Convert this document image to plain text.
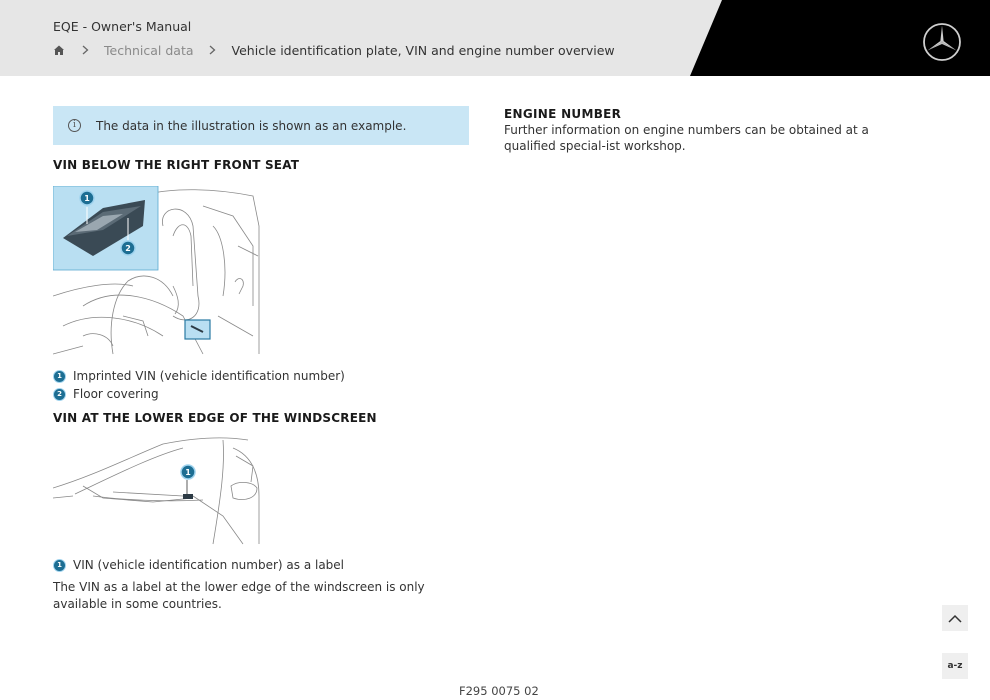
EQE - Owner's Manual
Technical data	Vehicle identification plate, VIN and engine number overview
i	The data in the illustration is shown as an example.
VIN BELOW THE RIGHT FRONT SEAT
1
2
1 Imprinted VIN (vehicle identification number)
2 Floor covering
VIN AT THE LOWER EDGE OF THE WINDSCREEN
1
1 VIN (vehicle identification number) as a label
The VIN as a label at the lower edge of the windscreen is only available in some countries.
ENGINE NUMBER
Further information on engine numbers can be obtained at a qualified special-ist workshop.
a-z
F295 0075 02
